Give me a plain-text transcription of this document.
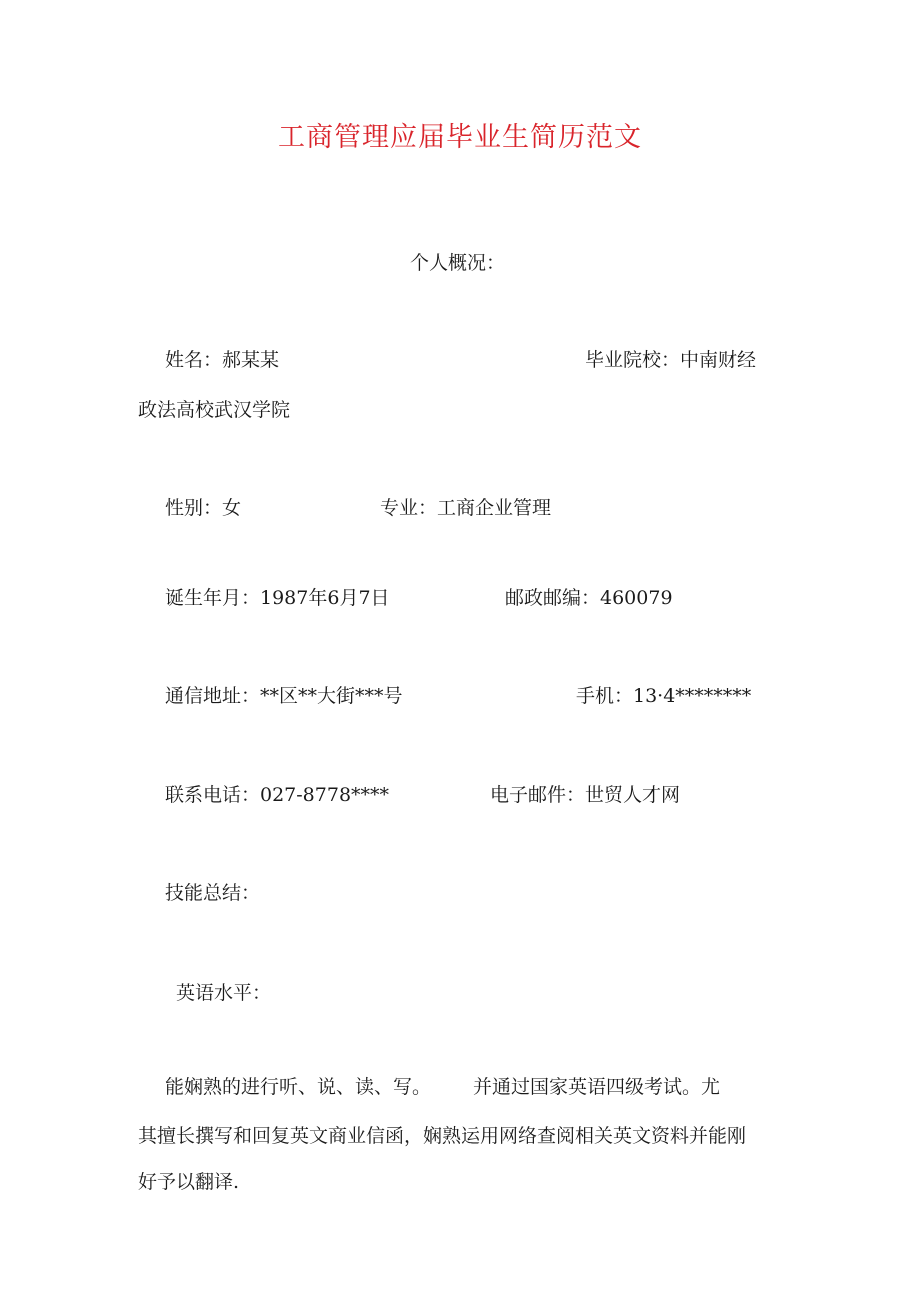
工商管理应届毕业生简历范文
个人概况：
姓名：郝某某	毕业院校：中南财经
政法高校武汉学院
性别：女	专业：工商企业管理
诞生年月：1987年6月7日	邮政邮编：460079
通信地址：**区**大街***号	手机：13·4********
联系电话：027-8778****	电子邮件：世贸人才网
技能总结：
英语水平：
能娴熟的进行听、说、读、写。 并通过国家英语四级考试。尤
其擅长撰写和回复英文商业信函，娴熟运用网络查阅相关英文资料并能刚
好予以翻译.
